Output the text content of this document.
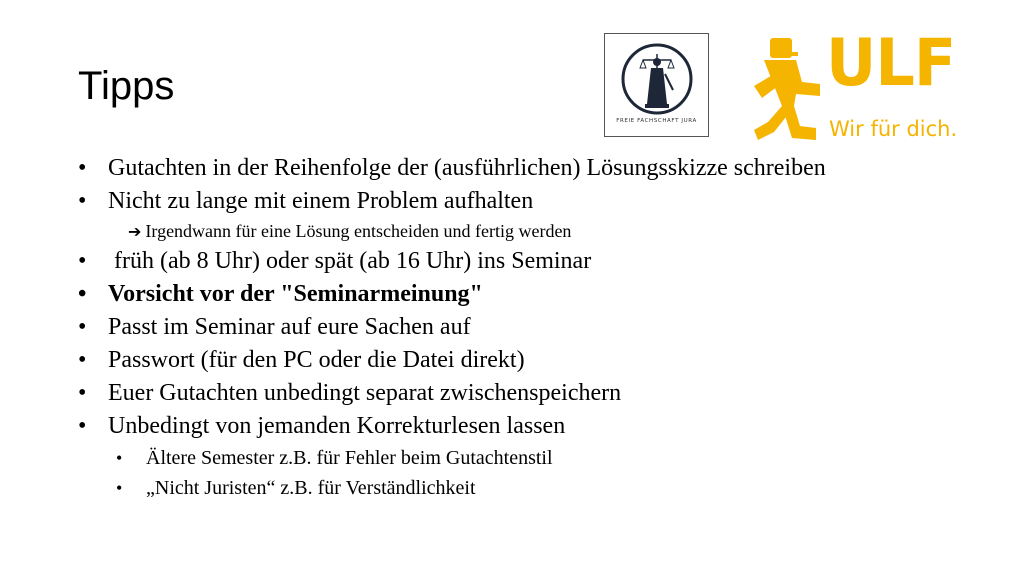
Tipps
FREIE FACHSCHAFT JURA
ULF
Wir für dich.
• Gutachten in der Reihenfolge der (ausführlichen) Lösungsskizze schreiben
• Nicht zu lange mit einem Problem aufhalten
➔ Irgendwann für eine Lösung entscheiden und fertig werden
• früh (ab 8 Uhr) oder spät (ab 16 Uhr) ins Seminar
• Vorsicht vor der "Seminarmeinung"
• Passt im Seminar auf eure Sachen auf
• Passwort (für den PC oder die Datei direkt)
• Euer Gutachten unbedingt separat zwischenspeichern
• Unbedingt von jemanden Korrekturlesen lassen
• Ältere Semester z.B. für Fehler beim Gutachtenstil
• „Nicht Juristen“ z.B. für Verständlichkeit
